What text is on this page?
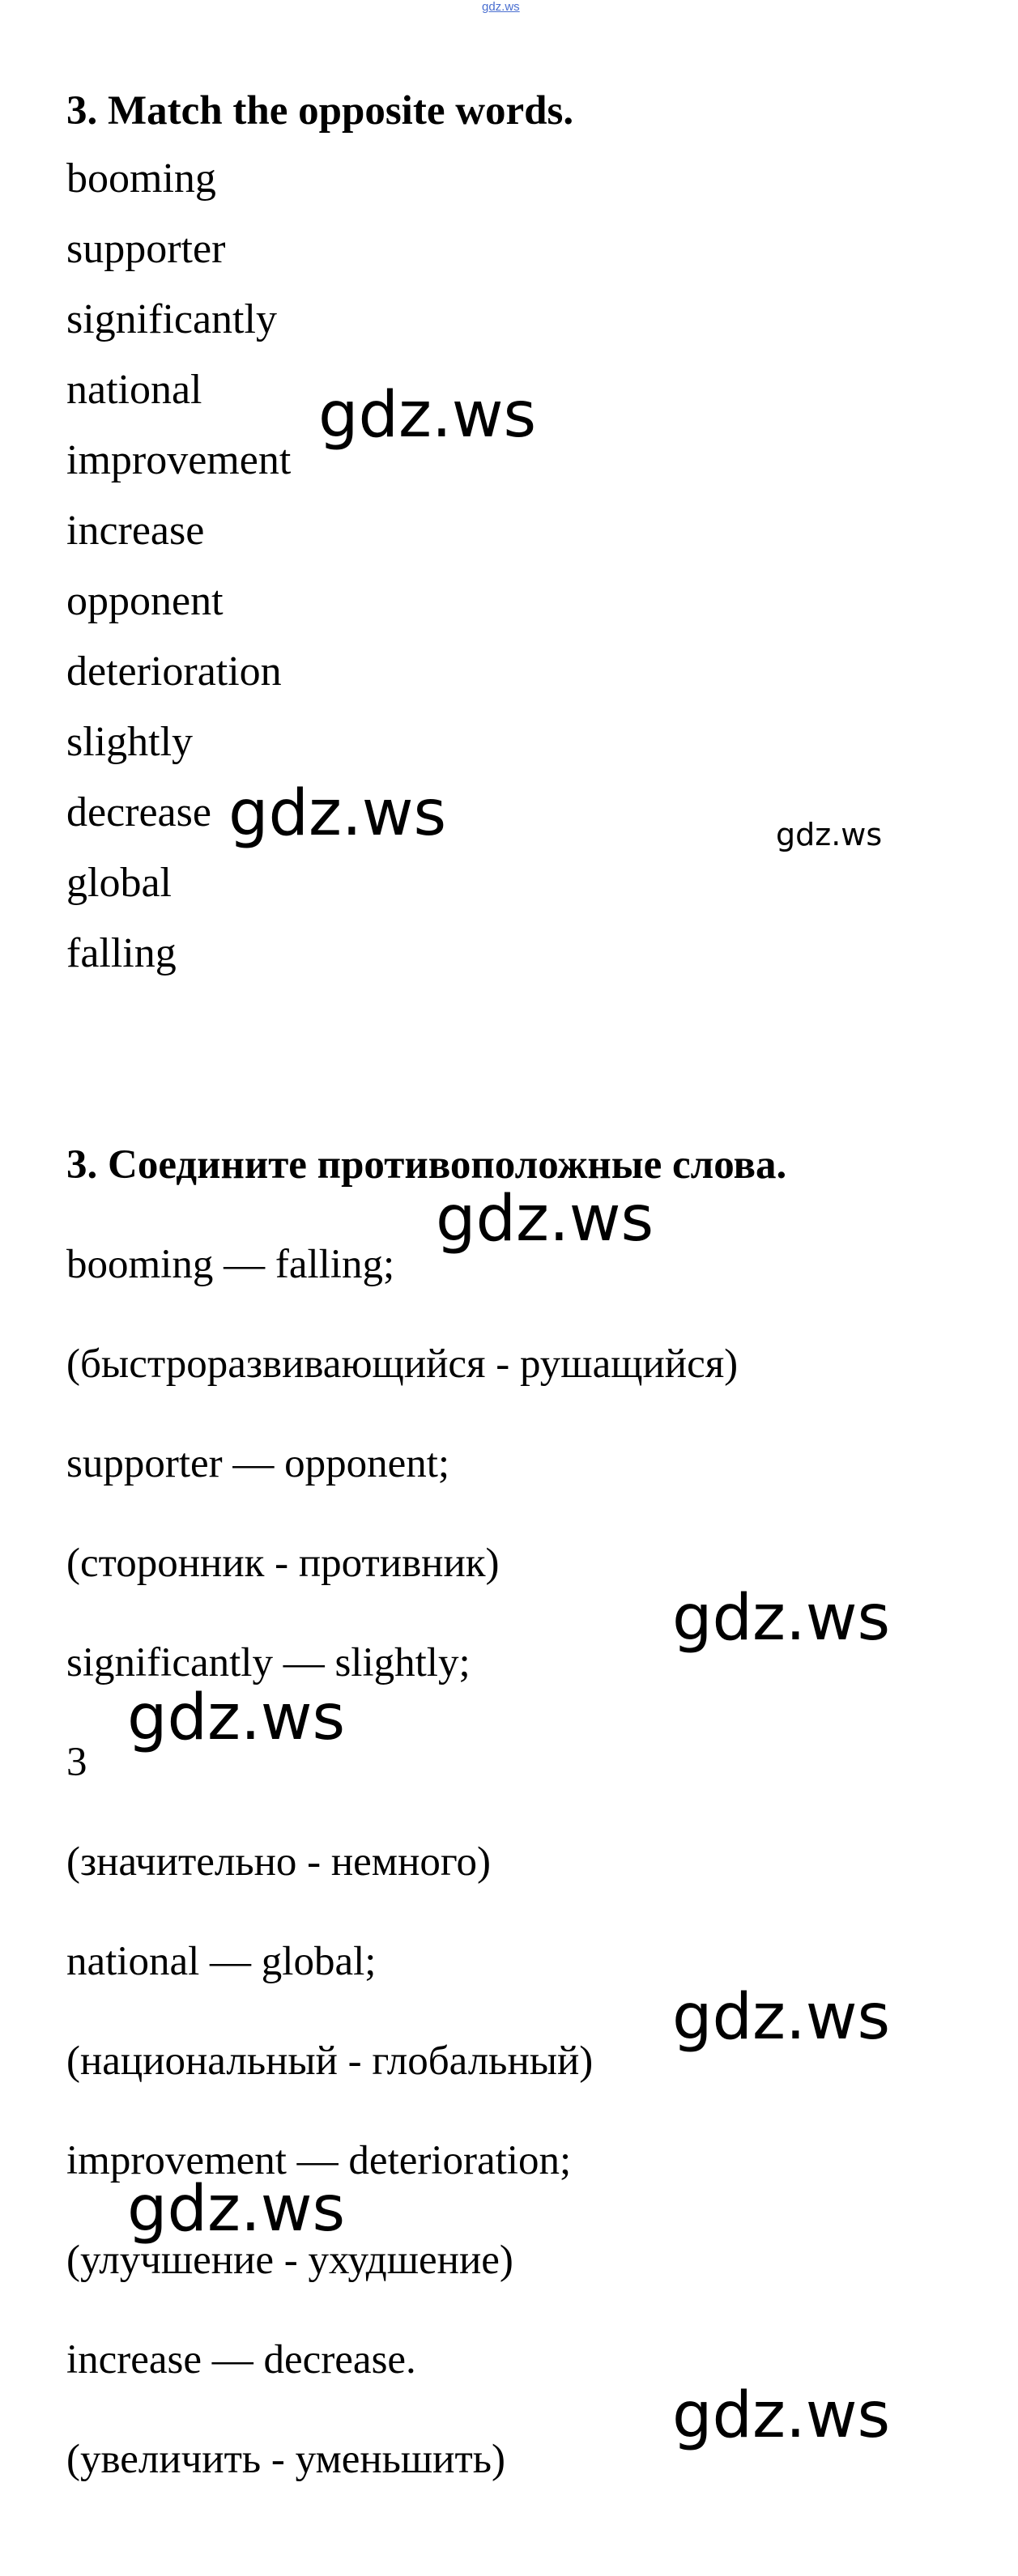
gdz.ws
3. Match the opposite words.
booming
supporter
significantly
national
improvement
increase
opponent
deterioration
slightly
decrease
global
falling
3. Соедините противоположные слова.
booming — falling;
(быстроразвивающийся - рушащийся)
supporter — opponent;
(сторонник - противник)
significantly — slightly;
3
(значительно - немного)
national — global;
(национальный - глобальный)
improvement — deterioration;
(улучшение - ухудшение)
increase — decrease.
(увеличить - уменьшить)
gdz.ws
gdz.ws	gdz.ws
gdz.ws
gdz.ws
gdz.ws
gdz.ws
gdz.ws
gdz.ws
